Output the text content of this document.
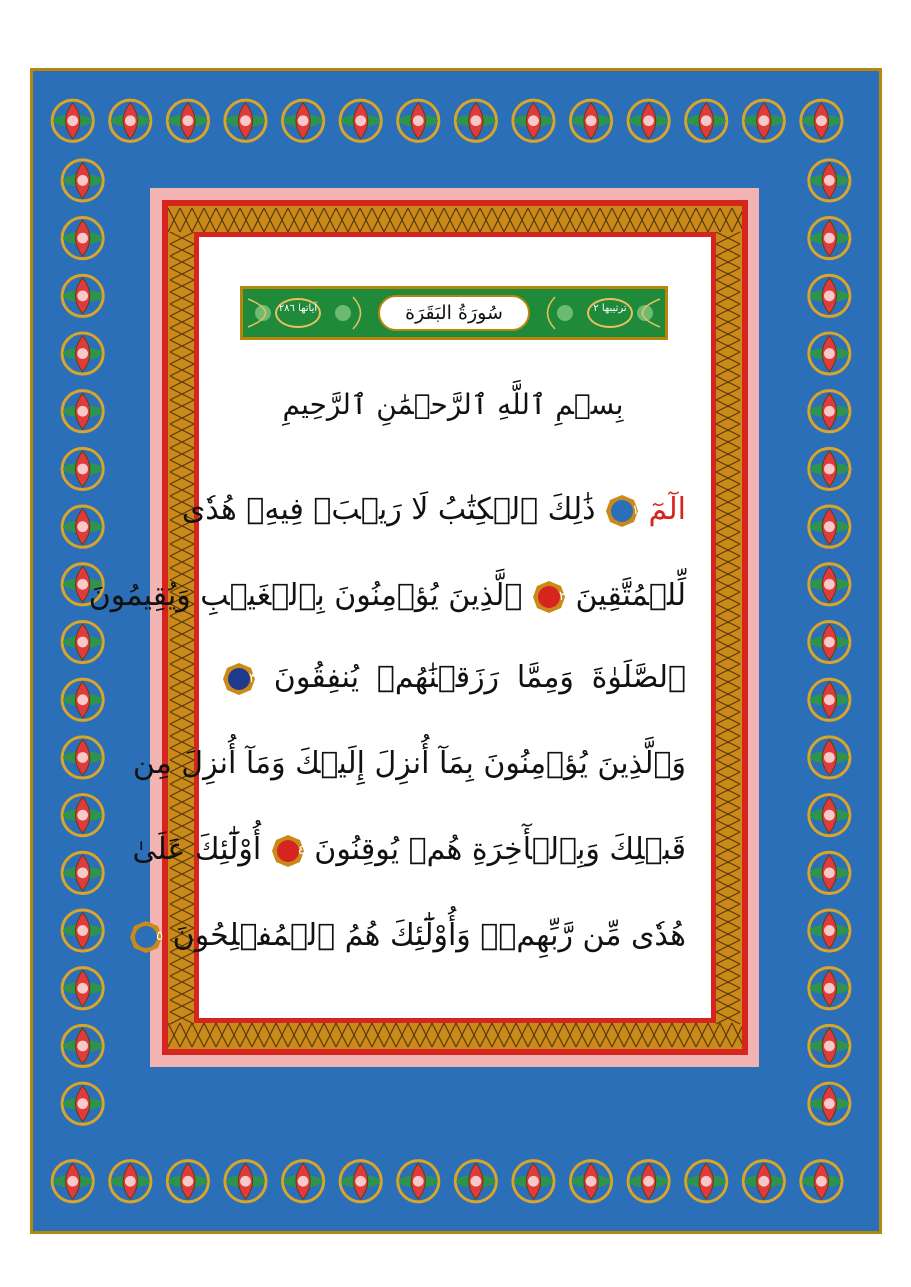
ترتيبها ٢
آياتها ٢٨٦	سُورَةُ البَقَرَة
بِسۡمِ ٱللَّهِ ٱلرَّحۡمَٰنِ ٱلرَّحِيمِ
الٓمٓ
١
ذَٰلِكَ ٱلۡكِتَٰبُ لَا رَيۡبَۛ فِيهِۛ هُدٗى
لِّلۡمُتَّقِينَ
٢
ٱلَّذِينَ يُؤۡمِنُونَ بِٱلۡغَيۡبِ وَيُقِيمُونَ
ٱلصَّلَوٰةَ وَمِمَّا رَزَقۡنَٰهُمۡ يُنفِقُونَ
٣
وَٱلَّذِينَ يُؤۡمِنُونَ بِمَآ أُنزِلَ إِلَيۡكَ وَمَآ أُنزِلَ مِن
قَبۡلِكَ وَبِٱلۡأٓخِرَةِ هُمۡ يُوقِنُونَ
٤
أُوْلَٰٓئِكَ عَلَىٰ
هُدٗى مِّن رَّبِّهِمۡۖ وَأُوْلَٰٓئِكَ هُمُ ٱلۡمُفۡلِحُونَ
٥
